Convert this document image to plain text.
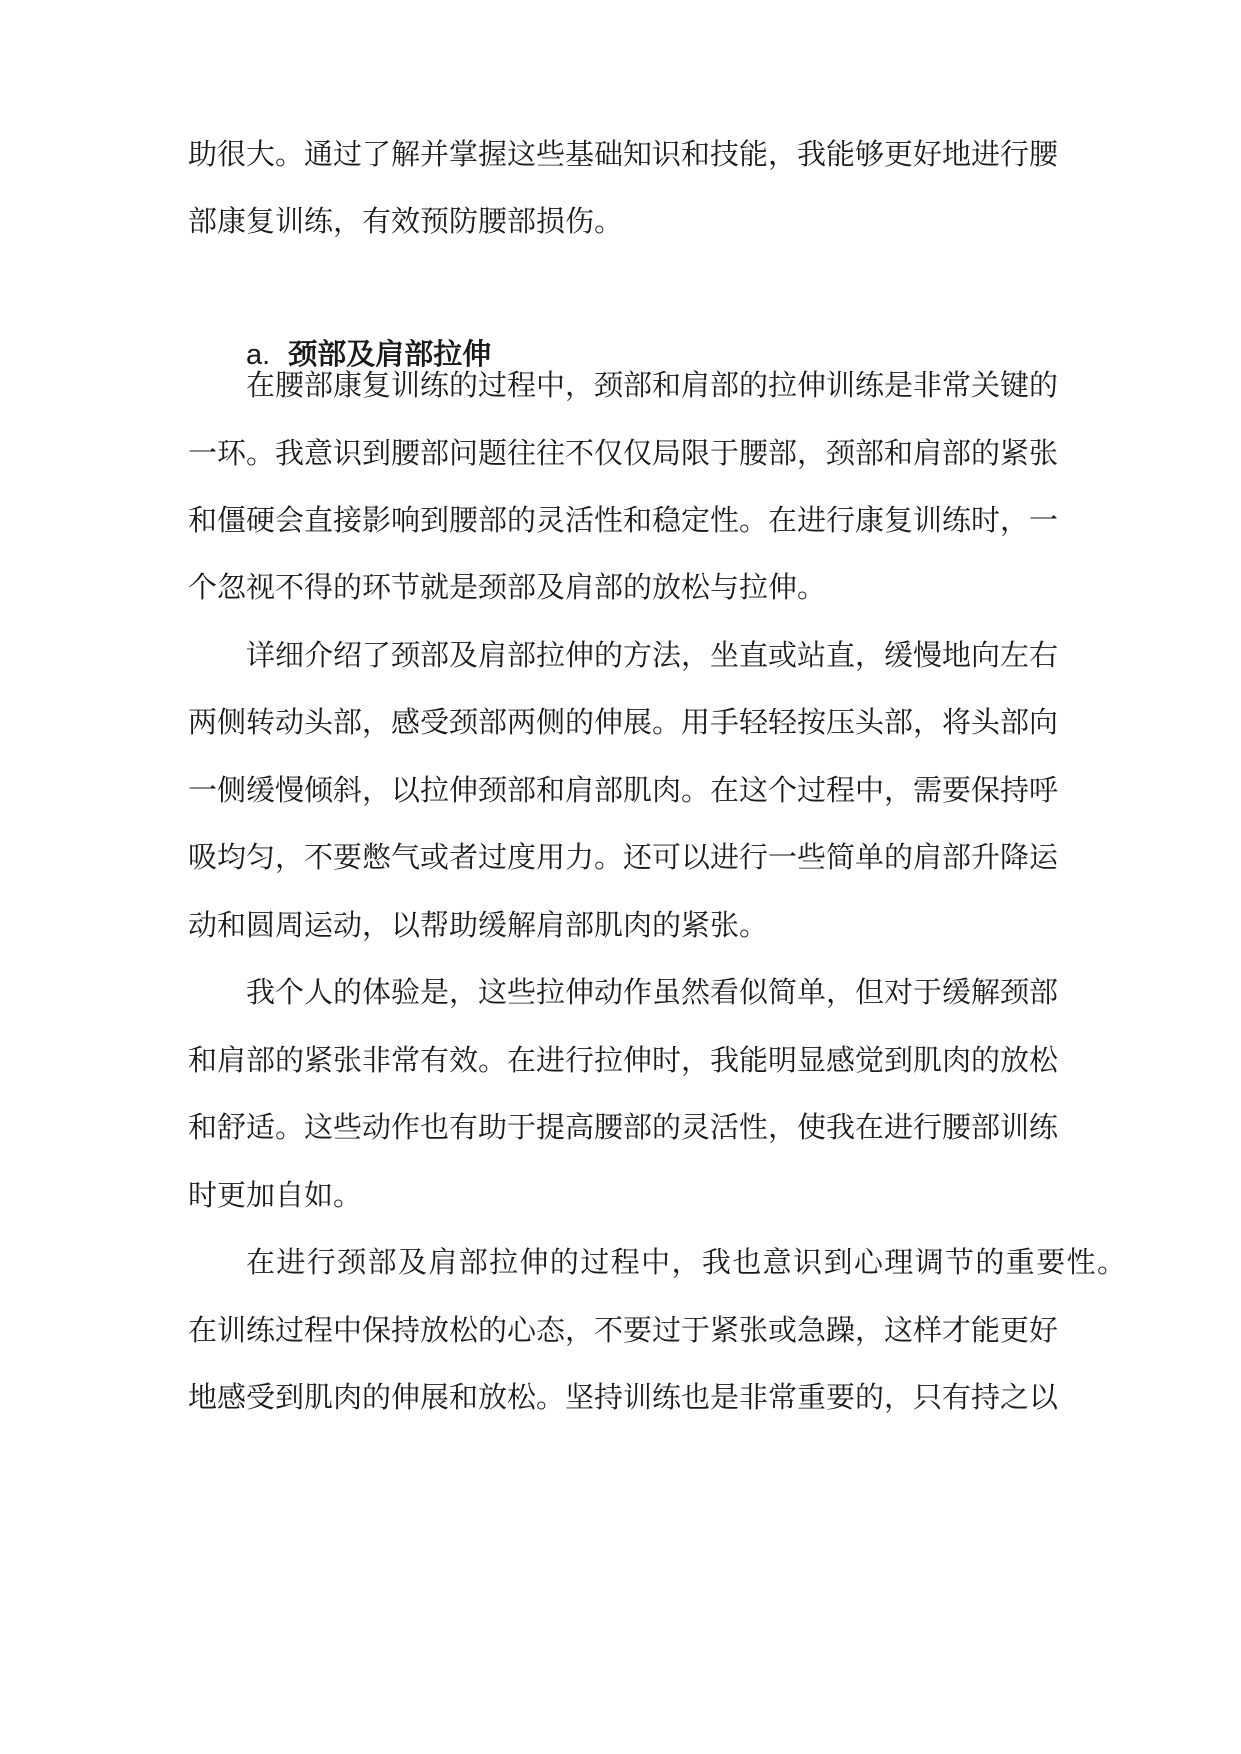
助很大。通过了解并掌握这些基础知识和技能，我能够更好地进行腰
部康复训练，有效预防腰部损伤。
a. 颈部及肩部拉伸
在腰部康复训练的过程中，颈部和肩部的拉伸训练是非常关键的
一环。我意识到腰部问题往往不仅仅局限于腰部，颈部和肩部的紧张
和僵硬会直接影响到腰部的灵活性和稳定性。在进行康复训练时，一
个忽视不得的环节就是颈部及肩部的放松与拉伸。
详细介绍了颈部及肩部拉伸的方法，坐直或站直，缓慢地向左右
两侧转动头部，感受颈部两侧的伸展。用手轻轻按压头部，将头部向
一侧缓慢倾斜，以拉伸颈部和肩部肌肉。在这个过程中，需要保持呼
吸均匀，不要憋气或者过度用力。还可以进行一些简单的肩部升降运
动和圆周运动，以帮助缓解肩部肌肉的紧张。
我个人的体验是，这些拉伸动作虽然看似简单，但对于缓解颈部
和肩部的紧张非常有效。在进行拉伸时，我能明显感觉到肌肉的放松
和舒适。这些动作也有助于提高腰部的灵活性，使我在进行腰部训练
时更加自如。
在进行颈部及肩部拉伸的过程中，我也意识到心理调节的重要性。
在训练过程中保持放松的心态，不要过于紧张或急躁，这样才能更好
地感受到肌肉的伸展和放松。坚持训练也是非常重要的，只有持之以
